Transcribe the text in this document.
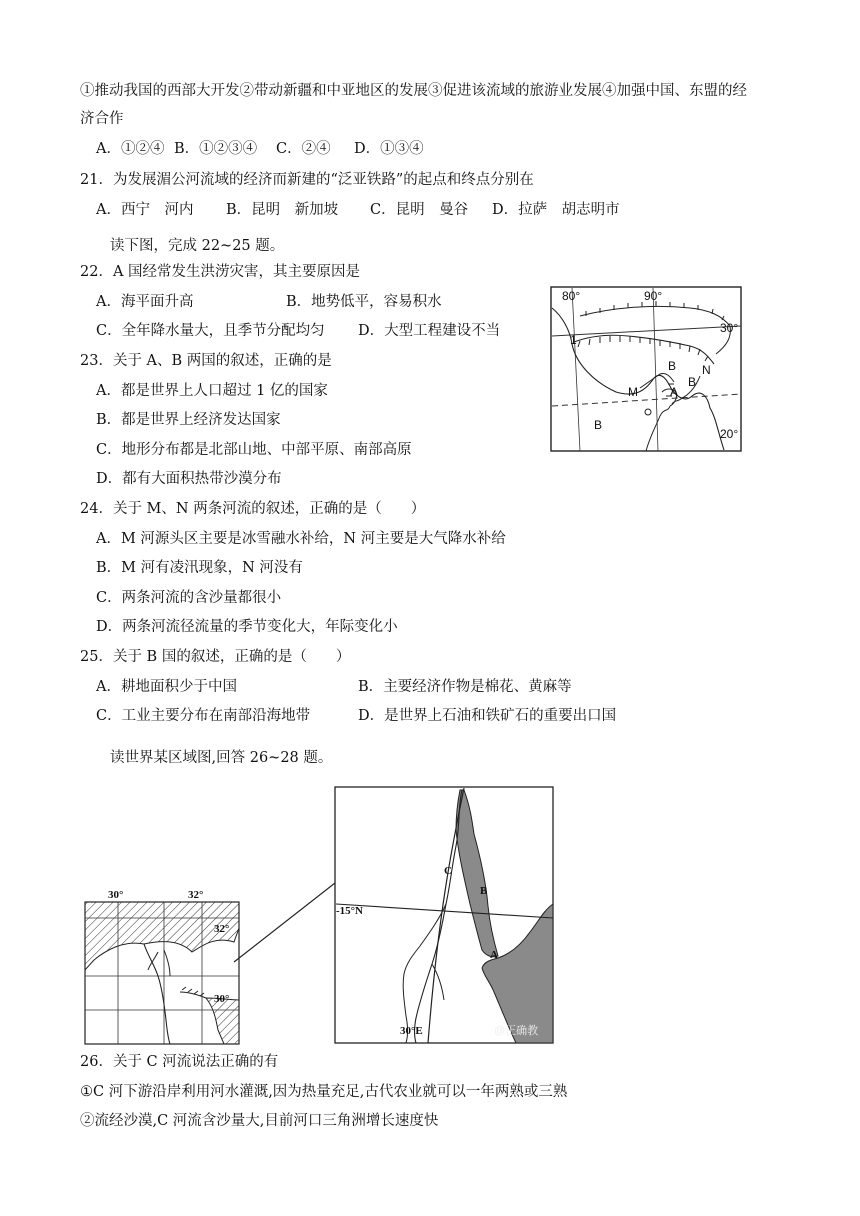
①推动我国的西部大开发②带动新疆和中亚地区的发展③促进该流域的旅游业发展④加强中国、东盟的经
济合作
A．①②④ B．①②③④ C．②④ D．①③④
21．为发展湄公河流域的经济而新建的“泛亚铁路”的起点和终点分别在
A．西宁　河内 B．昆明　新加坡 C．昆明　曼谷 D．拉萨　胡志明市
读下图，完成 22~25 题。
22．A 国经常发生洪涝灾害，其主要原因是
A．海平面升高	B．地势低平，容易积水
C．全年降水量大，且季节分配均匀 D．大型工程建设不当
23．关于 A、B 两国的叙述，正确的是
A．都是世界上人口超过 1 亿的国家
B．都是世界上经济发达国家
C．地形分布都是北部山地、中部平原、南部高原
D．都有大面积热带沙漠分布
24．关于 M、N 两条河流的叙述，正确的是（　　）
A．M 河源头区主要是冰雪融水补给，N 河主要是大气降水补给
B．M 河有凌汛现象，N 河没有
C．两条河流的含沙量都很小
D．两条河流径流量的季节变化大，年际变化小
25．关于 B 国的叙述，正确的是（　　）
A．耕地面积少于中国	B．主要经济作物是棉花、黄麻等
C．工业主要分布在南部沿海地带	D．是世界上石油和铁矿石的重要出口国
读世界某区域图,回答 26~28 题。
26．关于 C 河流说法正确的有
①C 河下游沿岸利用河水灌溉,因为热量充足,古代农业就可以一年两熟或三熟
②流经沙漠,C 河流含沙量大,目前河口三角洲增长速度快
80°	90°
30°
20°
1
B
A
B
N
M
B
30°	32°
32°
30°
C
B
A
-15°N
30°E	@正确教
